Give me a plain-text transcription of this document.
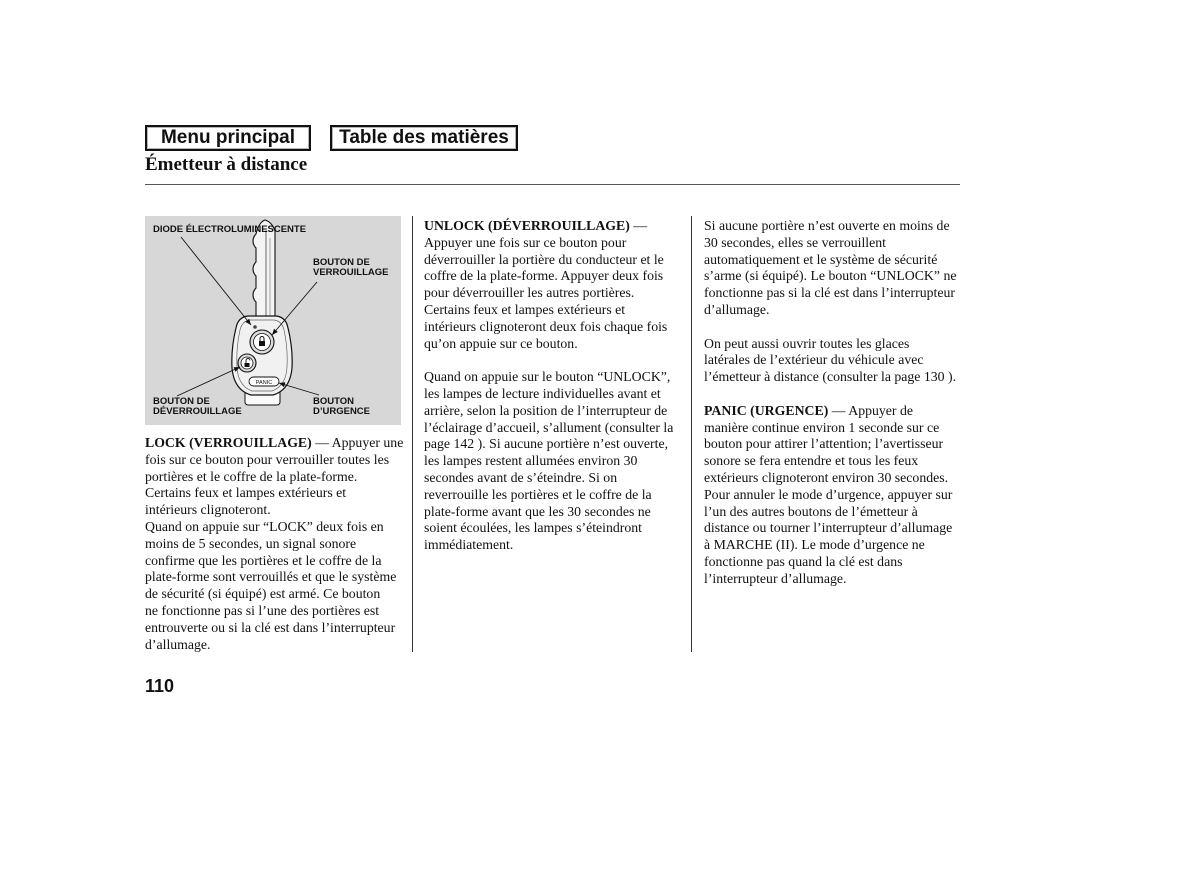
Menu principal	Table des matières
Émetteur à distance
PANIC
DIODE ÉLECTROLUMINESCENTE
BOUTON DE
VERROUILLAGE
BOUTON DE
DÉVERROUILLAGE
BOUTON
D’URGENCE

LOCK (VERROUILLAGE) — Appuyer une
fois sur ce bouton pour verrouiller toutes les
portières et le coffre de la plate-forme.
Certains feux et lampes extérieurs et
intérieurs clignoteront.

Quand on appuie sur “LOCK” deux fois en
moins de 5 secondes, un signal sonore
confirme que les portières et le coffre de la
plate-forme sont verrouillés et que le système
de sécurité (si équipé) est armé. Ce bouton
ne fonctionne pas si l’une des portières est
entrouverte ou si la clé est dans l’interrupteur
d’allumage.

UNLOCK (DÉVERROUILLAGE) —
Appuyer une fois sur ce bouton pour
déverrouiller la portière du conducteur et le
coffre de la plate-forme. Appuyer deux fois
pour déverrouiller les autres portières.
Certains feux et lampes extérieurs et
intérieurs clignoteront deux fois chaque fois
qu’on appuie sur ce bouton.

Quand on appuie sur le bouton “UNLOCK”,
les lampes de lecture individuelles avant et
arrière, selon la position de l’interrupteur de
l’éclairage d’accueil, s’allument (consulter la
page 142 ). Si aucune portière n’est ouverte,
les lampes restent allumées environ 30
secondes avant de s’éteindre. Si on
reverrouille les portières et le coffre de la
plate-forme avant que les 30 secondes ne
soient écoulées, les lampes s’éteindront
immédiatement.

Si aucune portière n’est ouverte en moins de
30 secondes, elles se verrouillent
automatiquement et le système de sécurité
s’arme (si équipé). Le bouton “UNLOCK” ne
fonctionne pas si la clé est dans l’interrupteur
d’allumage.

On peut aussi ouvrir toutes les glaces
latérales de l’extérieur du véhicule avec
l’émetteur à distance (consulter la page 130 ).

PANIC (URGENCE) — Appuyer de
manière continue environ 1 seconde sur ce
bouton pour attirer l’attention; l’avertisseur
sonore se fera entendre et tous les feux
extérieurs clignoteront environ 30 secondes.
Pour annuler le mode d’urgence, appuyer sur
l’un des autres boutons de l’émetteur à
distance ou tourner l’interrupteur d’allumage
à MARCHE (II). Le mode d’urgence ne
fonctionne pas quand la clé est dans
l’interrupteur d’allumage.

110
